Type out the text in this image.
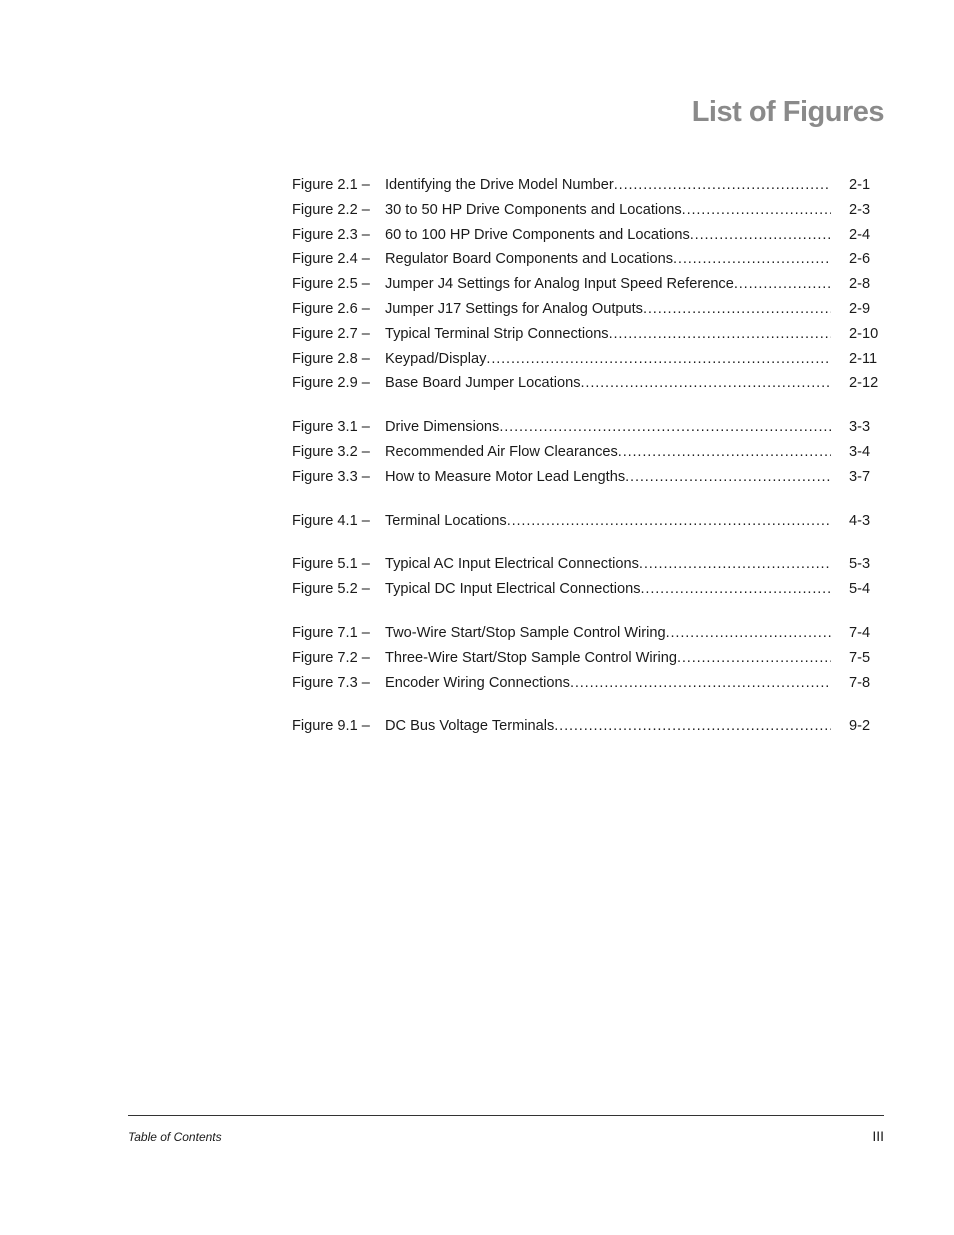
List of Figures
Figure 2.1 –	Identifying the Drive Model Number . . .	2-1
Figure 2.2 –	30 to 50 HP Drive Components and Locations . . .	2-3
Figure 2.3 –	60 to 100 HP Drive Components and Locations . . .	2-4
Figure 2.4 –	Regulator Board Components and Locations . . .	2-6
Figure 2.5 –	Jumper J4 Settings for Analog Input Speed Reference . . .	2-8
Figure 2.6 –	Jumper J17 Settings for Analog Outputs . . .	2-9
Figure 2.7 –	Typical Terminal Strip Connections . . .	2-10
Figure 2.8 –	Keypad/Display . . .	2-11
Figure 2.9 –	Base Board Jumper Locations . . .	2-12
Figure 3.1 –	Drive Dimensions . . .	3-3
Figure 3.2 –	Recommended Air Flow Clearances . . .	3-4
Figure 3.3 –	How to Measure Motor Lead Lengths . . .	3-7
Figure 4.1 –	Terminal Locations . . .	4-3
Figure 5.1 –	Typical AC Input Electrical Connections . . .	5-3
Figure 5.2 –	Typical DC Input Electrical Connections . . .	5-4
Figure 7.1 –	Two-Wire Start/Stop Sample Control Wiring . . .	7-4
Figure 7.2 –	Three-Wire Start/Stop Sample Control Wiring . . .	7-5
Figure 7.3 –	Encoder Wiring Connections . . .	7-8
Figure 9.1 –	DC Bus Voltage Terminals . . .	9-2
Table of Contents	III
